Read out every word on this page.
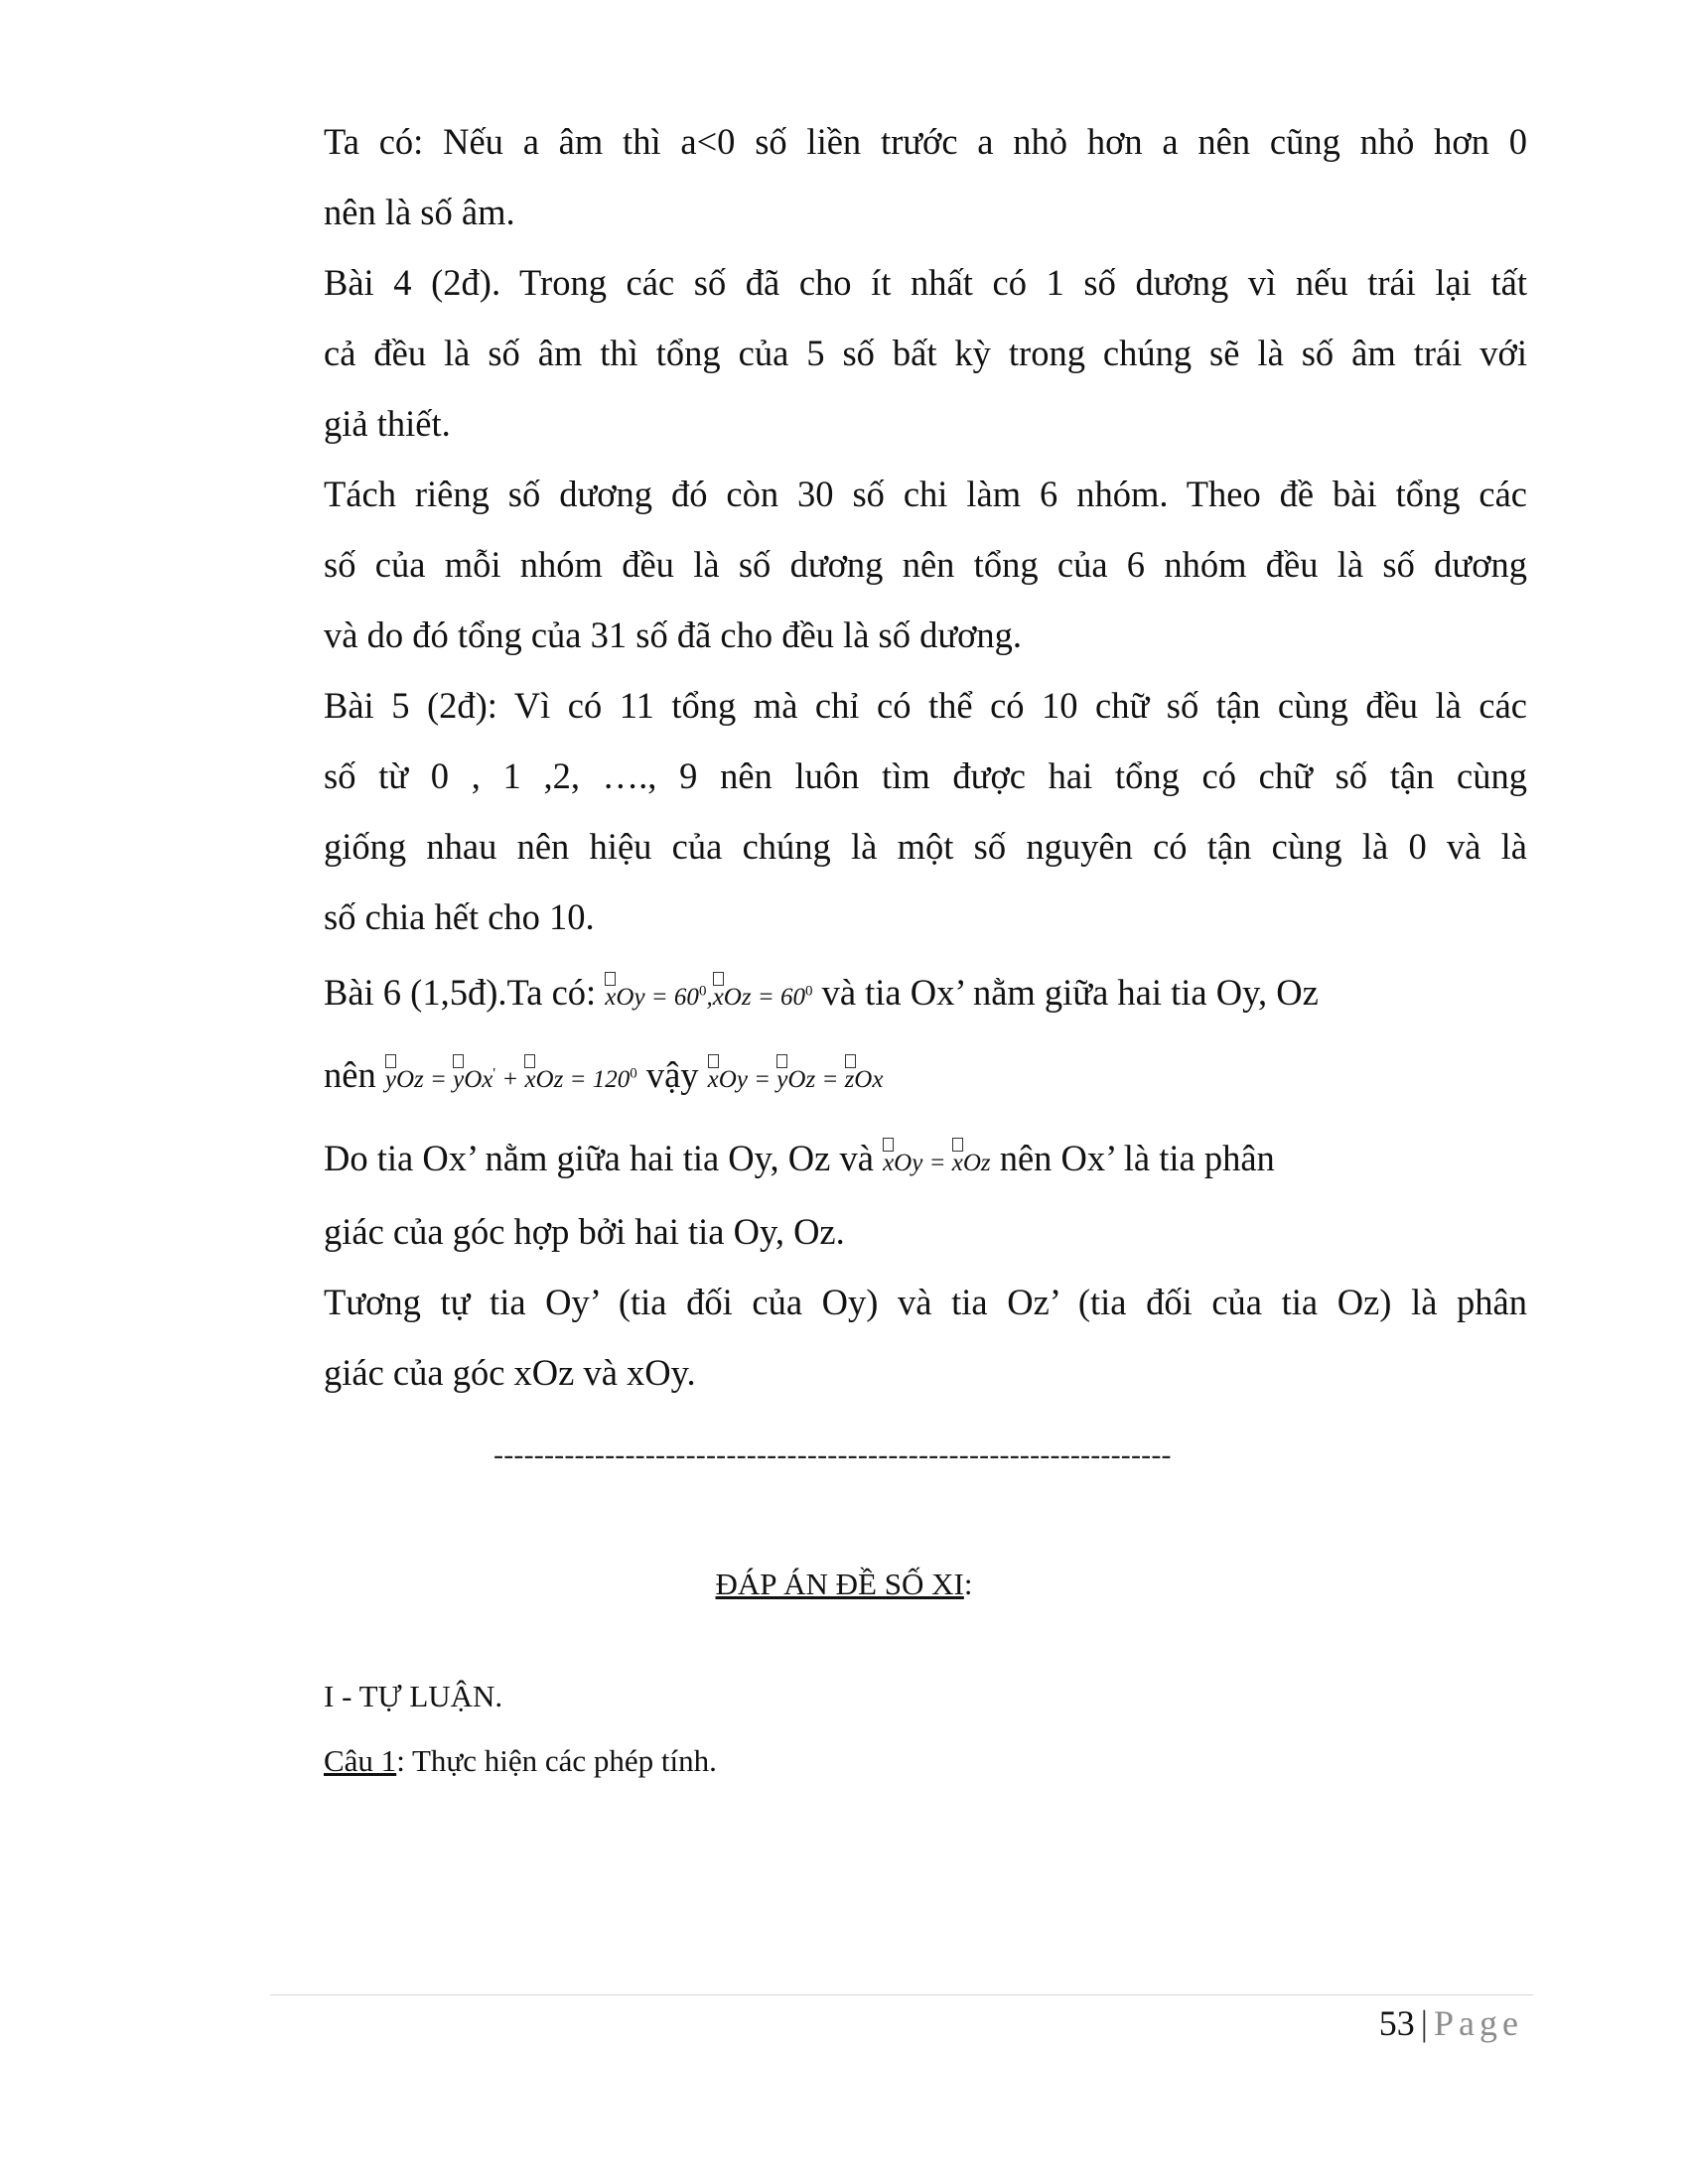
Ta có: Nếu a âm thì a<0 số liền trước a nhỏ hơn a nên cũng nhỏ hơn 0
nên là số âm.
Bài 4 (2đ). Trong các số đã cho ít nhất có 1 số dương vì nếu trái lại tất
cả đều là số âm thì tổng của 5 số bất kỳ trong chúng sẽ là số âm trái với
giả thiết.
Tách riêng số dương đó còn 30 số chi làm 6 nhóm. Theo đề bài tổng các
số của mỗi nhóm đều là số dương nên tổng của 6 nhóm đều là số dương
và do đó tổng của 31 số đã cho đều là số dương.
Bài 5 (2đ): Vì có 11 tổng mà chỉ có thể có 10 chữ số tận cùng đều là các
số từ 0 , 1 ,2, …., 9 nên luôn tìm được hai tổng có chữ số tận cùng
giống nhau nên hiệu của chúng là một số nguyên có tận cùng là 0 và là
số chia hết cho 10.
Bài 6 (1,5đ).Ta có: xOy = $60^0,xOz = 60^0$ và tia Ox’ nằm giữa hai tia Oy, Oz
nên yOz = yOx' + xOz = $120^0$ vậy xOy = yOz = zOx
Do tia Ox’ nằm giữa hai tia Oy, Oz và xOy = xOz nên Ox’ là tia phân
giác của góc hợp bởi hai tia Oy, Oz.
Tương tự tia Oy’ (tia đối của Oy) và tia Oz’ (tia đối của tia Oz) là phân
giác của góc xOz và xOy.
-------------------------------------------------------------------
ĐÁP ÁN ĐỀ SỐ XI:
I - TỰ LUẬN.
Câu 1: Thực hiện các phép tính.
53 | Page
